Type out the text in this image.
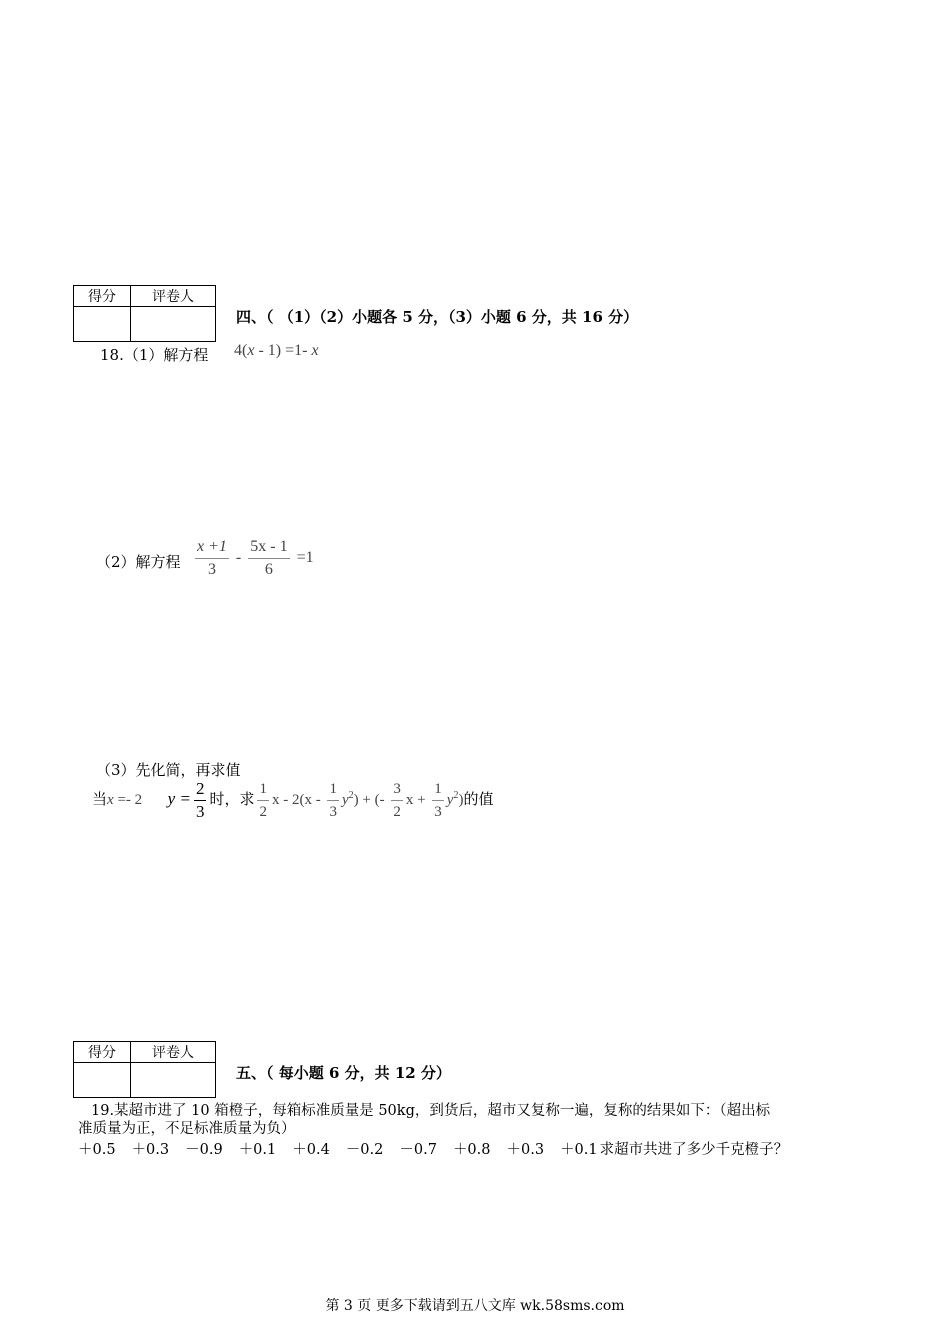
得分	评卷人

四、（ （1）（2）小题各 5 分，（3）小题 6 分，共 16 分）
18.（1）解方程 4(x - 1) =1- x
（2）解方程 $\frac{x +1}{3} - \frac{5x - 1}{6} =1$
（3）先化简，再求值
当x =- 2 $y = \frac{2}{3}$ 时，求 $\frac{1}{2}$ x - $2(x - \frac{1}{3} y^2)$ + (- $\frac{3}{2}$ $x + \frac{1}{3} y^2$)的值
得分	评卷人

五、（ 每小题 6 分，共 12 分）
19.某超市进了 10 箱橙子，每箱标准质量是 50kg，到货后，超市又复称一遍，复称的结果如下：（超出标
准质量为正，不足标准质量为负）
＋0.5 ＋0.3 －0.9 ＋0.1 ＋0.4 －0.2 －0.7 ＋0.8 ＋0.3 ＋0.1 求超市共进了多少千克橙子？
第 3 页 更多下载请到五八文库 wk.58sms.com
